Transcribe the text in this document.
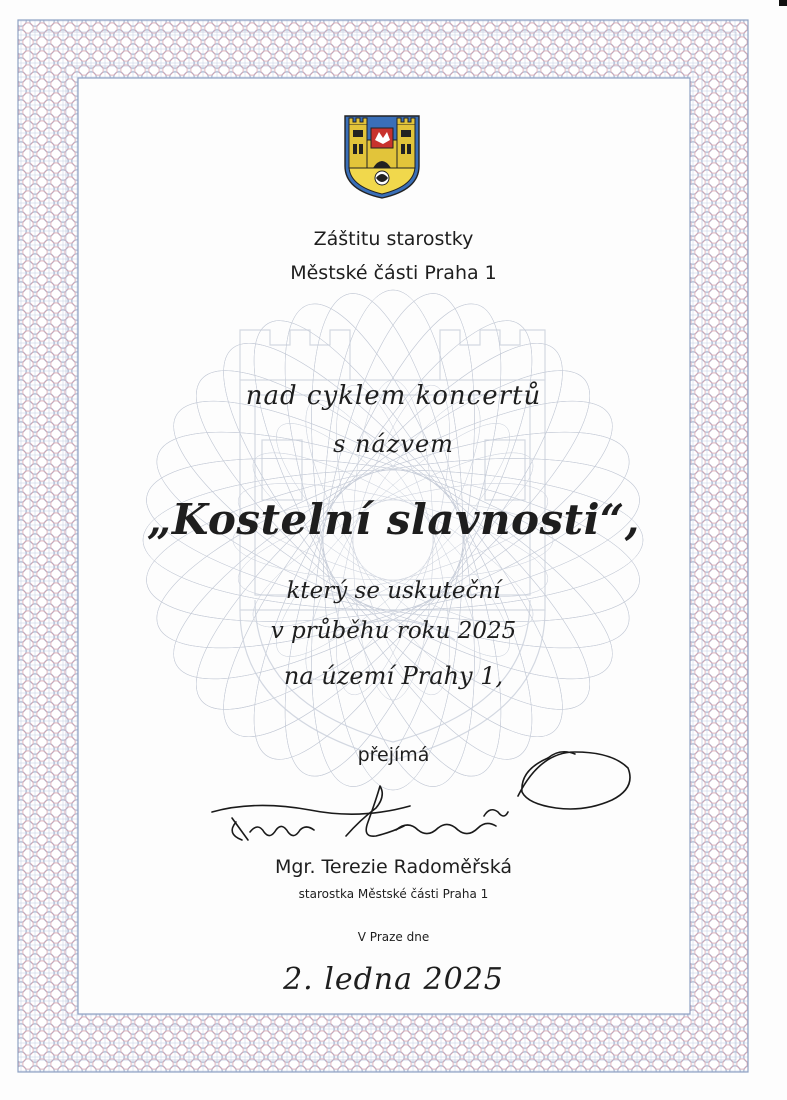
Záštitu starostky
Městské části Praha 1
nad cyklem koncertů
s názvem
„Kostelní slavnosti“,
který se uskuteční
v průběhu roku 2025
na území Prahy 1,
přejímá
Mgr. Terezie Radoměřská
starostka Městské části Praha 1
V Praze dne
2. ledna 2025
